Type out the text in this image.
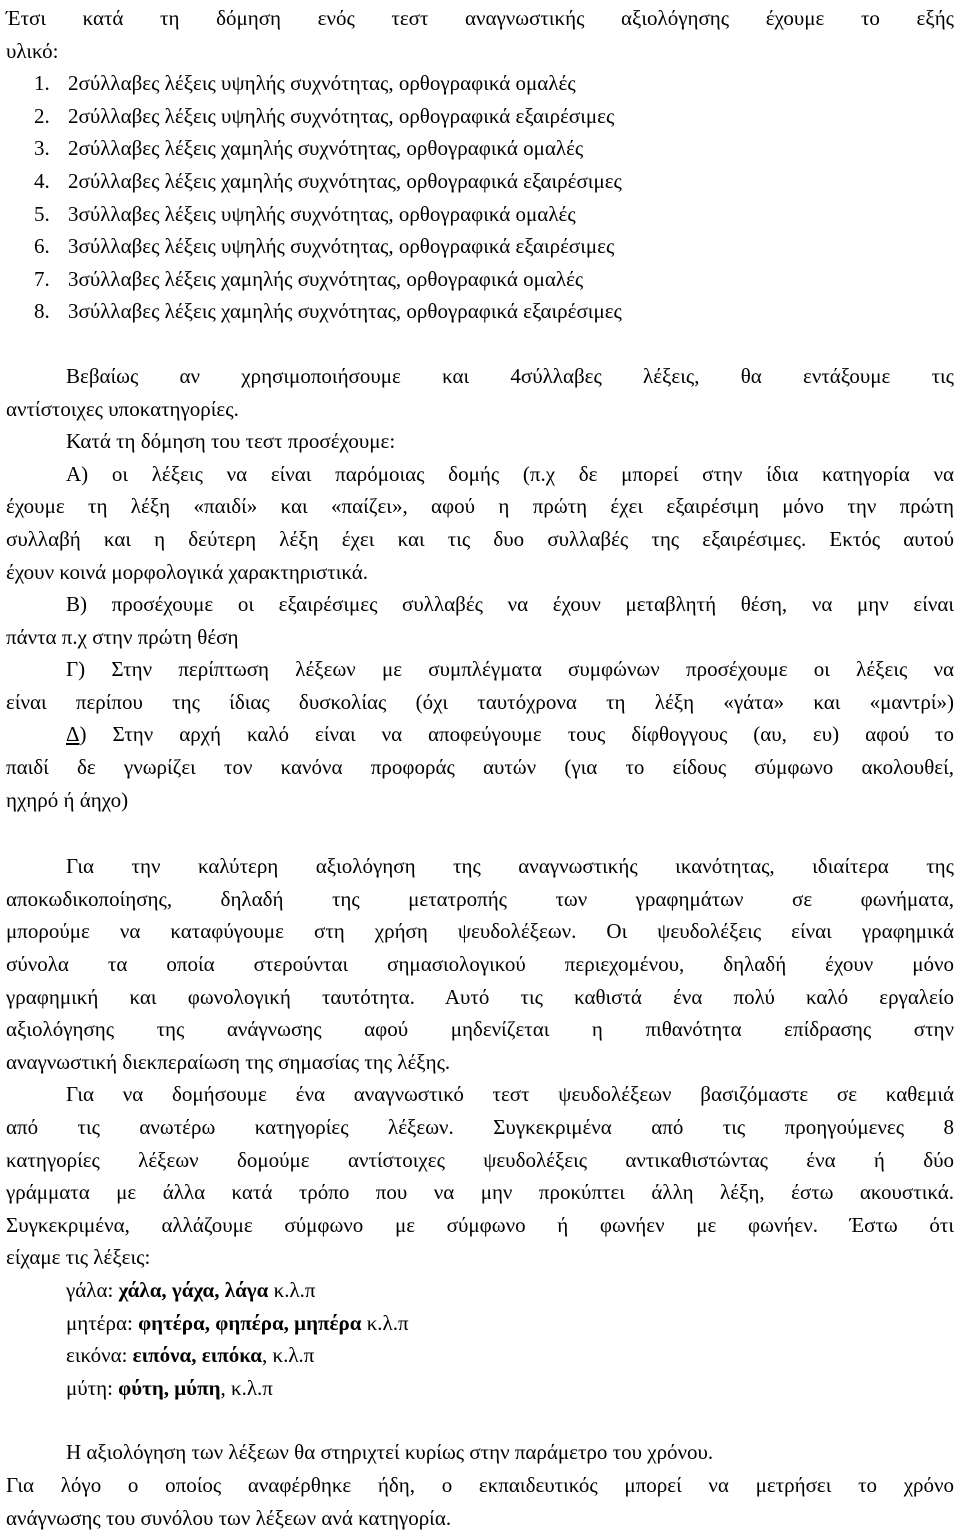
Έτσι κατά τη δόμηση ενός τεστ αναγνωστικής αξιολόγησης έχουμε το εξής

υλικό:

2σύλλαβες λέξεις υψηλής συχνότητας, ορθογραφικά ομαλές
2σύλλαβες λέξεις υψηλής συχνότητας, ορθογραφικά εξαιρέσιμες
2σύλλαβες λέξεις χαμηλής συχνότητας, ορθογραφικά ομαλές
2σύλλαβες λέξεις χαμηλής συχνότητας, ορθογραφικά εξαιρέσιμες
3σύλλαβες λέξεις υψηλής συχνότητας, ορθογραφικά ομαλές
3σύλλαβες λέξεις υψηλής συχνότητας, ορθογραφικά εξαιρέσιμες
3σύλλαβες λέξεις χαμηλής συχνότητας, ορθογραφικά ομαλές
3σύλλαβες λέξεις χαμηλής συχνότητας, ορθογραφικά εξαιρέσιμες

Βεβαίως αν χρησιμοποιήσουμε και 4σύλλαβες λέξεις, θα εντάξουμε τις

αντίστοιχες υποκατηγορίες.

Κατά τη δόμηση του τεστ προσέχουμε:

Α) οι λέξεις να είναι παρόμοιας δομής (π.χ δε μπορεί στην ίδια κατηγορία να

έχουμε τη λέξη «παιδί» και «παίζει», αφού η πρώτη έχει εξαιρέσιμη μόνο την πρώτη

συλλαβή και η δεύτερη λέξη έχει και τις δυο συλλαβές της εξαιρέσιμες. Εκτός αυτού

έχουν κοινά μορφολογικά χαρακτηριστικά.

Β) προσέχουμε οι εξαιρέσιμες συλλαβές να έχουν μεταβλητή θέση, να μην είναι

πάντα π.χ στην πρώτη θέση

Γ) Στην περίπτωση λέξεων με συμπλέγματα συμφώνων προσέχουμε οι λέξεις να

είναι περίπου της ίδιας δυσκολίας (όχι ταυτόχρονα τη λέξη «γάτα» και «μαντρί»)

Δ) Στην αρχή καλό είναι να αποφεύγουμε τους δίφθογγους (αυ, ευ) αφού το

παιδί δε γνωρίζει τον κανόνα προφοράς αυτών (για το είδους σύμφωνο ακολουθεί,

ηχηρό ή άηχο)

Για την καλύτερη αξιολόγηση της αναγνωστικής ικανότητας, ιδιαίτερα της

αποκωδικοποίησης, δηλαδή της μετατροπής των γραφημάτων σε φωνήματα,

μπορούμε να καταφύγουμε στη χρήση ψευδολέξεων. Οι ψευδολέξεις είναι γραφημικά

σύνολα τα οποία στερούνται σημασιολογικού περιεχομένου, δηλαδή έχουν μόνο

γραφημική και φωνολογική ταυτότητα. Αυτό τις καθιστά ένα πολύ καλό εργαλείο

αξιολόγησης της ανάγνωσης αφού μηδενίζεται η πιθανότητα επίδρασης στην

αναγνωστική διεκπεραίωση της σημασίας της λέξης.

Για να δομήσουμε ένα αναγνωστικό τεστ ψευδολέξεων βασιζόμαστε σε καθεμιά

από τις ανωτέρω κατηγορίες λέξεων. Συγκεκριμένα από τις προηγούμενες 8

κατηγορίες λέξεων δομούμε αντίστοιχες ψευδολέξεις αντικαθιστώντας ένα ή δύο

γράμματα με άλλα κατά τρόπο που να μην προκύπτει άλλη λέξη, έστω ακουστικά.

Συγκεκριμένα, αλλάζουμε σύμφωνο με σύμφωνο ή φωνήεν με φωνήεν. Έστω ότι

είχαμε τις λέξεις:

γάλα: χάλα, γάχα, λάγα κ.λ.π

μητέρα: φητέρα, φηπέρα, μηπέρα κ.λ.π

εικόνα: ειπόνα, ειπόκα, κ.λ.π

μύτη: φύτη, μύπη, κ.λ.π

Η αξιολόγηση των λέξεων θα στηριχτεί κυρίως στην παράμετρο του χρόνου.

Για λόγο ο οποίος αναφέρθηκε ήδη, ο εκπαιδευτικός μπορεί να μετρήσει το χρόνο

ανάγνωσης του συνόλου των λέξεων ανά κατηγορία.
